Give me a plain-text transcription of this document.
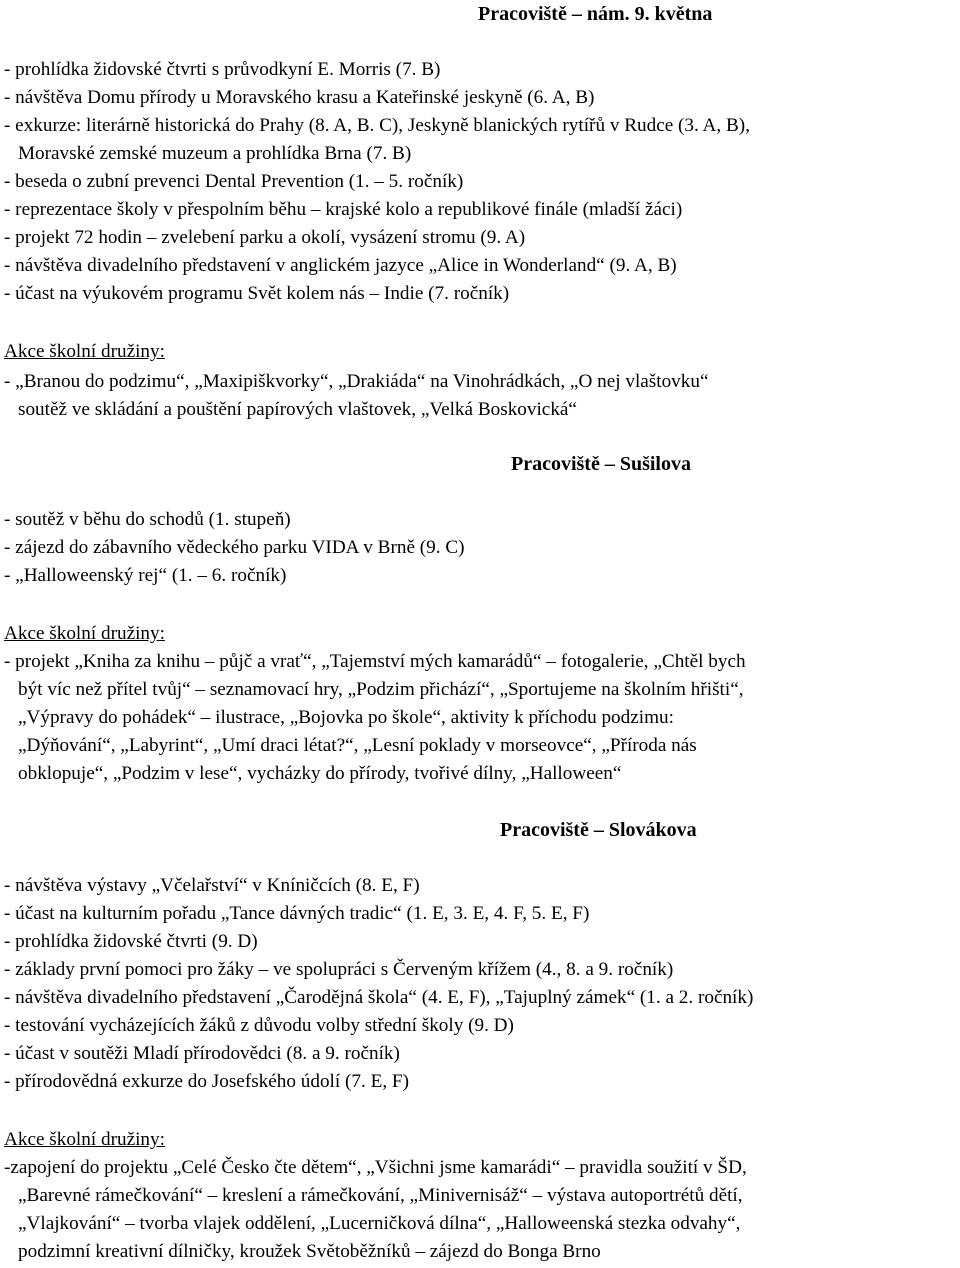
Pracoviště – nám. 9. května
- prohlídka židovské čtvrti s průvodkyní E. Morris (7. B)
- návštěva Domu přírody u Moravského krasu a Kateřinské jeskyně (6. A, B)
- exkurze: literárně historická do Prahy (8. A, B. C), Jeskyně blanických rytířů v Rudce (3. A, B),
Moravské zemské muzeum a prohlídka Brna (7. B)
- beseda o zubní prevenci Dental Prevention (1. – 5. ročník)
- reprezentace školy v přespolním běhu – krajské kolo a republikové finále (mladší žáci)
- projekt 72 hodin – zvelebení parku a okolí, vysázení stromu (9. A)
- návštěva divadelního představení v anglickém jazyce „Alice in Wonderland“ (9. A, B)
- účast na výukovém programu Svět kolem nás – Indie (7. ročník)
Akce školní družiny:
- „Branou do podzimu“, „Maxipiškvorky“, „Drakiáda“ na Vinohrádkách, „O nej vlaštovku“
soutěž ve skládání a pouštění papírových vlaštovek, „Velká Boskovická“
Pracoviště – Sušilova
- soutěž v běhu do schodů (1. stupeň)
- zájezd do zábavního vědeckého parku VIDA v Brně (9. C)
- „Halloweenský rej“ (1. – 6. ročník)
Akce školní družiny:
- projekt „Kniha za knihu – půjč a vrať“, „Tajemství mých kamarádů“ – fotogalerie, „Chtěl bych
být víc než přítel tvůj“ – seznamovací hry, „Podzim přichází“, „Sportujeme na školním hřišti“,
„Výpravy do pohádek“ – ilustrace, „Bojovka po škole“, aktivity k příchodu podzimu:
„Dýňování“, „Labyrint“, „Umí draci létat?“, „Lesní poklady v morseovce“, „Příroda nás
obklopuje“, „Podzim v lese“, vycházky do přírody, tvořivé dílny, „Halloween“
Pracoviště – Slovákova
- návštěva výstavy „Včelařství“ v Kníničcích (8. E, F)
- účast na kulturním pořadu „Tance dávných tradic“ (1. E, 3. E, 4. F, 5. E, F)
- prohlídka židovské čtvrti (9. D)
- základy první pomoci pro žáky – ve spolupráci s Červeným křížem (4., 8. a 9. ročník)
- návštěva divadelního představení „Čarodějná škola“ (4. E, F), „Tajuplný zámek“ (1. a 2. ročník)
- testování vycházejících žáků z důvodu volby střední školy (9. D)
- účast v soutěži Mladí přírodovědci (8. a 9. ročník)
- přírodovědná exkurze do Josefského údolí (7. E, F)
Akce školní družiny:
-zapojení do projektu „Celé Česko čte dětem“, „Všichni jsme kamarádi“ – pravidla soužití v ŠD,
„Barevné rámečkování“ – kreslení a rámečkování, „Minivernisáž“ – výstava autoportrétů dětí,
„Vlajkování“ – tvorba vlajek oddělení, „Lucerničková dílna“, „Halloweenská stezka odvahy“,
podzimní kreativní dílničky, kroužek Světoběžníků – zájezd do Bonga Brno
